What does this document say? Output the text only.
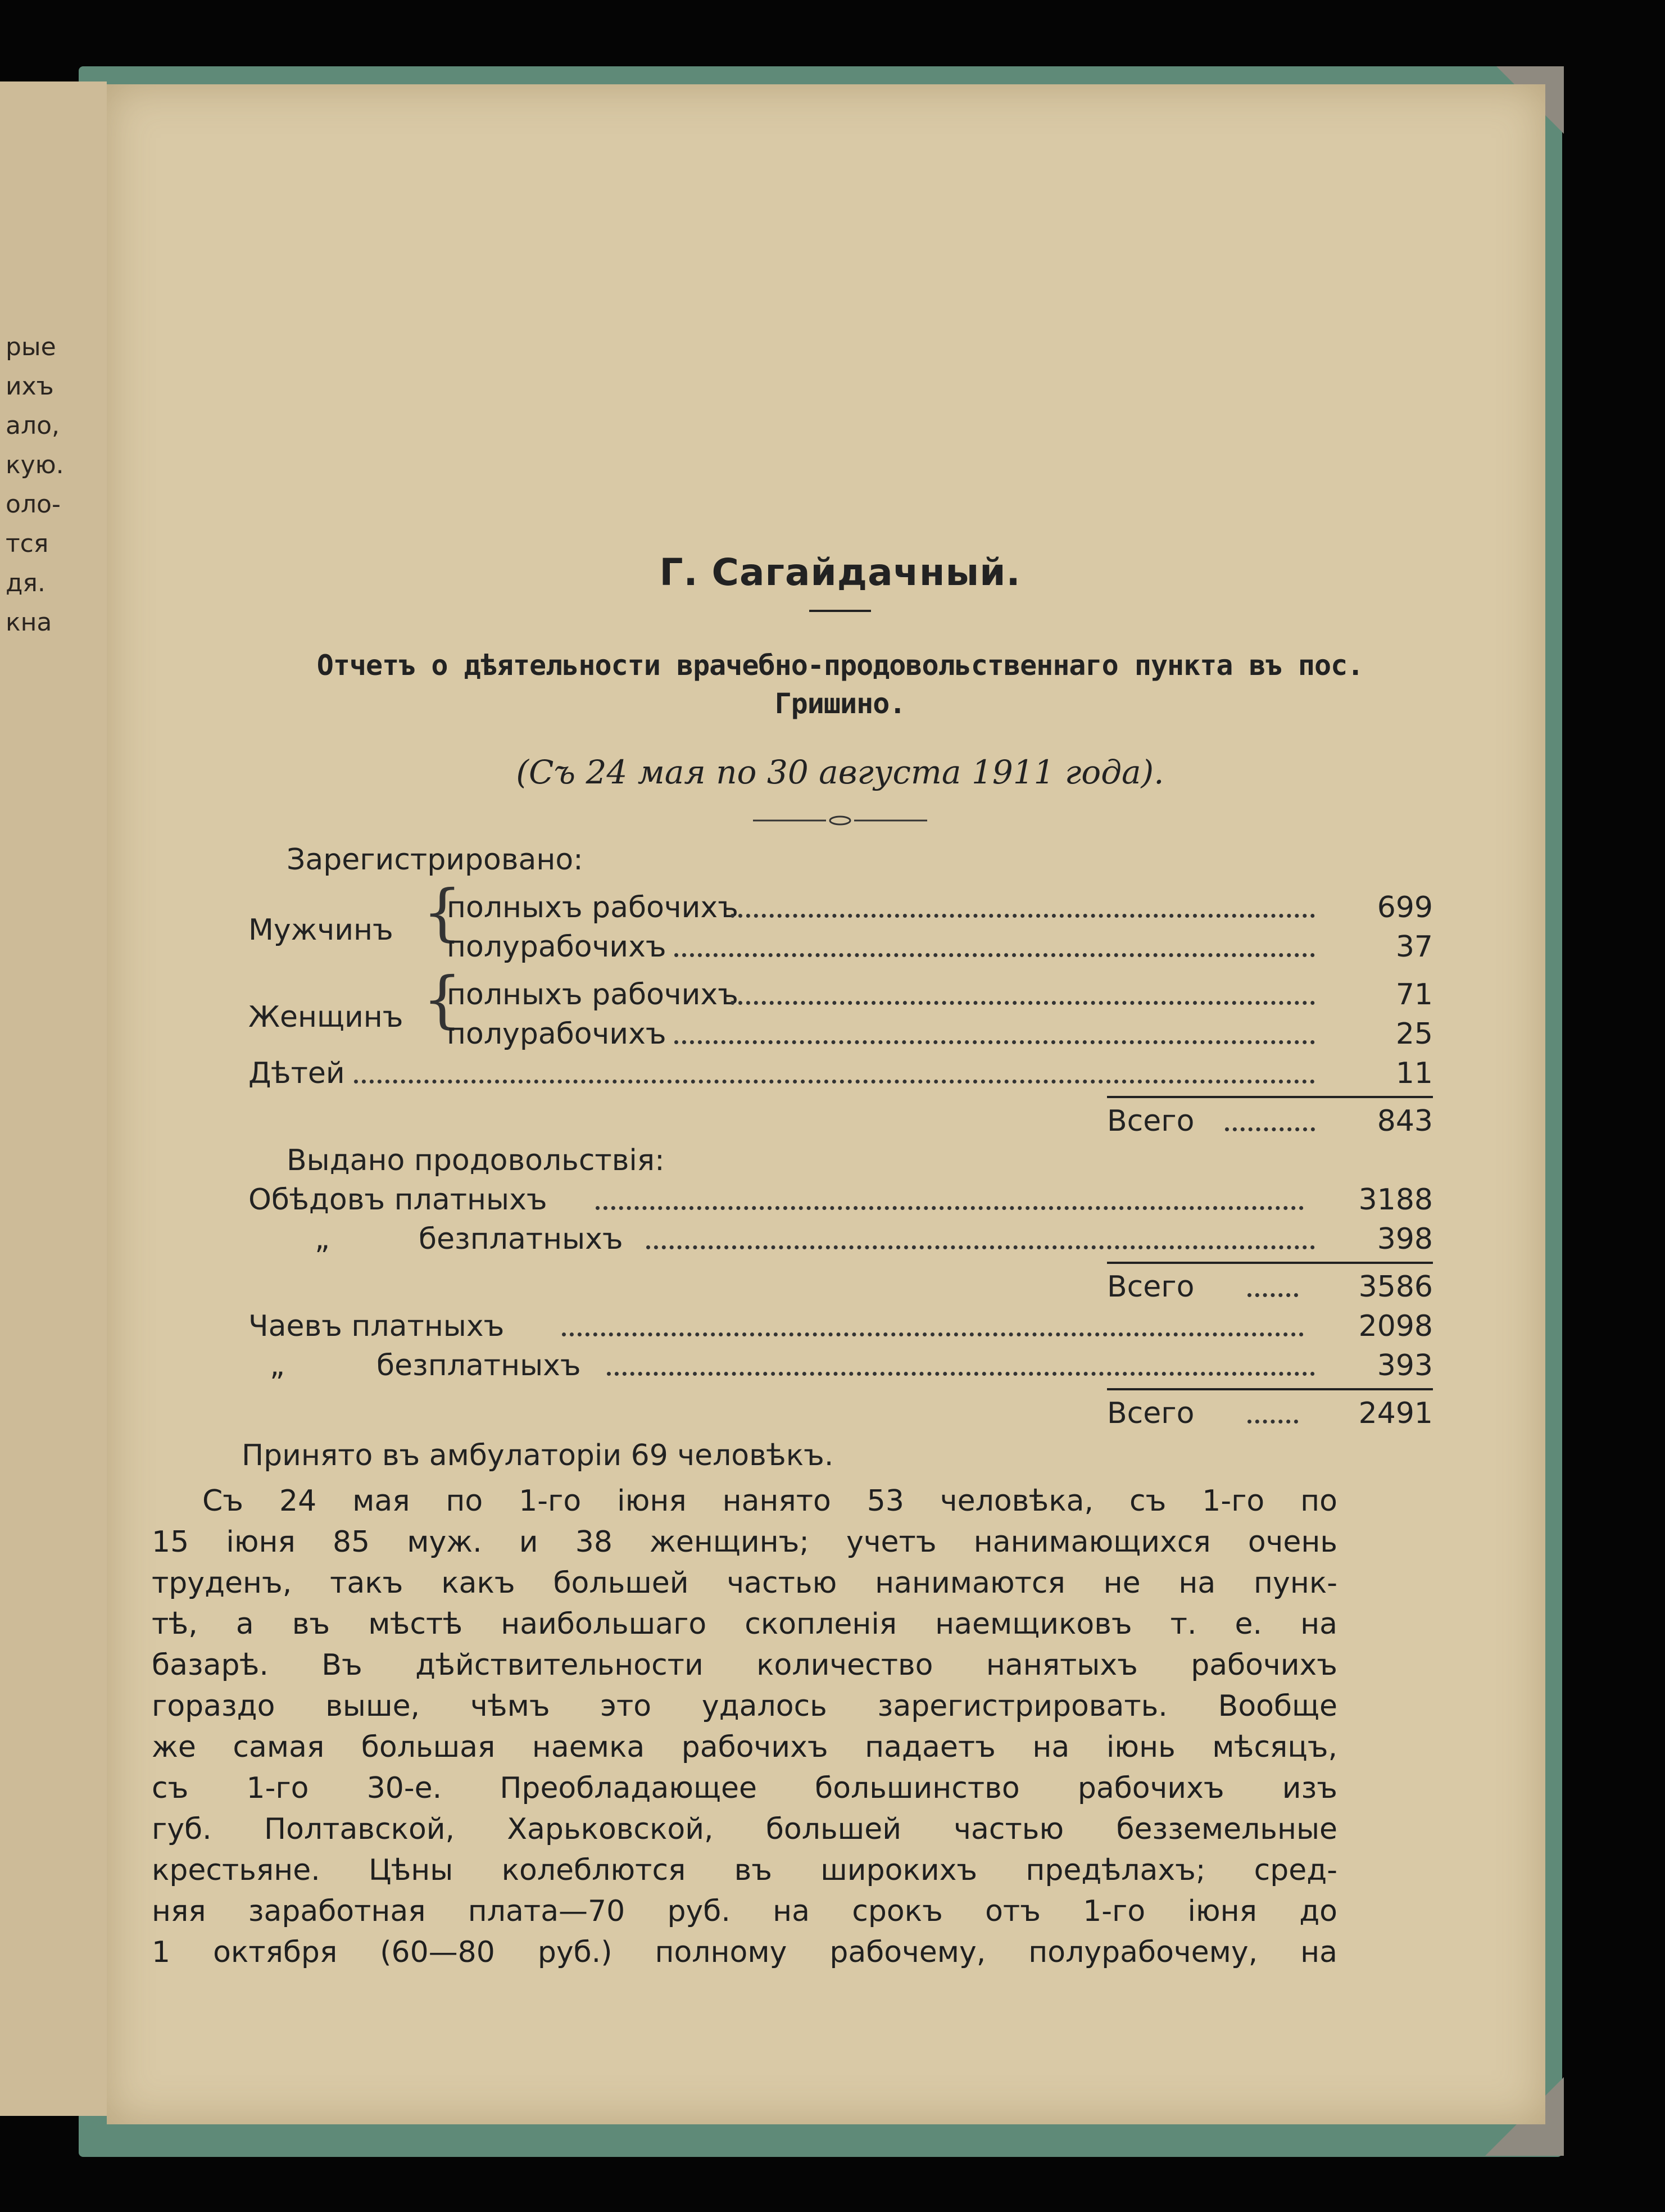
рые
ихъ
ало,
кую.
оло-
тся
дя.
кна
Г. Сагайдачный.
Отчетъ о дѣятельности врачебно-продовольственнаго пункта въ пос.
Гришино.
(Съ 24 мая по 30 августа 1911 года).
Зарегистрировано:
Мужчинъ {
полныхъ рабочихъ	699
полурабочихъ	37
Женщинъ {
полныхъ рабочихъ	71
полурабочихъ	25
Дѣтей	11
Всего	843
Выдано продовольствія:
Обѣдовъ платныхъ	3188
„	безплатныхъ	398
Всего	3586
Чаевъ платныхъ	2098
„	безплатныхъ	393
Всего	2491
Принято въ амбулаторіи 69 человѣкъ.
Съ 24 мая по 1-го іюня нанято 53 человѣка, съ 1-го по
15 іюня 85 муж. и 38 женщинъ; учетъ нанимающихся очень
труденъ, такъ какъ большей частью нанимаются не на пунк-
тѣ, а въ мѣстѣ наибольшаго скопленія наемщиковъ т. е. на
базарѣ. Въ дѣйствительности количество нанятыхъ рабочихъ
гораздо выше, чѣмъ это удалось зарегистрировать. Вообще
же самая большая наемка рабочихъ падаетъ на іюнь мѣсяцъ,
съ 1-го 30-е. Преобладающее большинство рабочихъ изъ
губ. Полтавской, Харьковской, большей частью безземельные
крестьяне. Цѣны колеблются въ широкихъ предѣлахъ; сред-
няя заработная плата—70 руб. на срокъ отъ 1-го іюня до
1 октября (60—80 руб.) полному рабочему, полурабочему, на
